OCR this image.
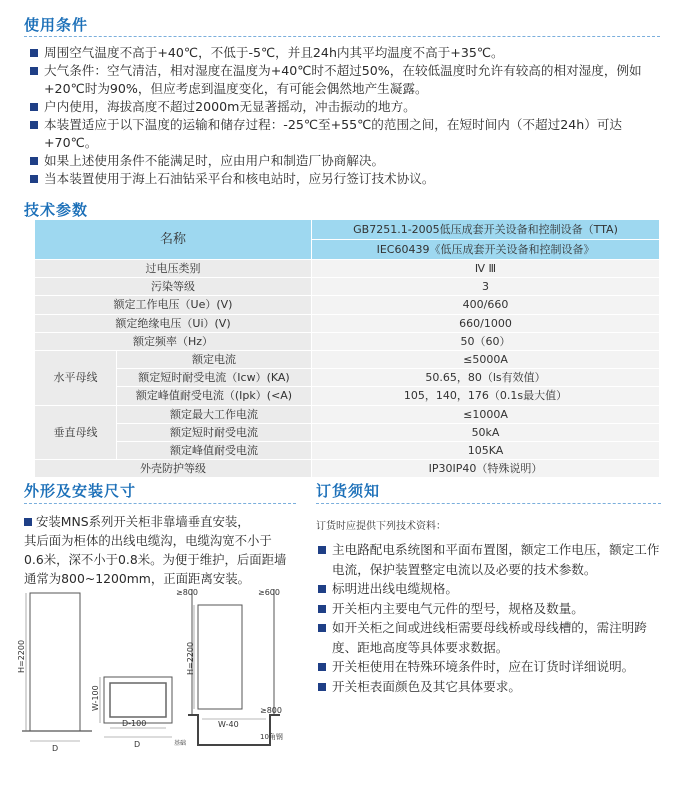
使用条件
周围空气温度不高于+40℃，不低于-5℃，并且24h内其平均温度不高于+35℃。
大气条件：空气清洁，相对湿度在温度为+40℃时不超过50%，在较低温度时允许有较高的相对湿度，例如+20℃时为90%，但应考虑到温度变化，有可能会偶然地产生凝露。
户内使用，海拔高度不超过2000m无显著摇动，冲击振动的地方。
本装置适应于以下温度的运输和储存过程：-25℃至+55℃的范围之间，在短时间内（不超过24h）可达+70℃。
如果上述使用条件不能满足时，应由用户和制造厂协商解决。
当本装置使用于海上石油钻采平台和核电站时，应另行签订技术协议。
技术参数
名称		GB7251.1-2005低压成套开关设备和控制设备（TTA)
		IEC60439《低压成套开关设备和控制设备》
过电压类别		Ⅳ Ⅲ
污染等级		3
额定工作电压（Ue）(V)		400/660
额定绝缘电压（Ui）(V)		660/1000
额定频率（Hz）		50（60）
水平母线	额定电流	≤5000A
	额定短时耐受电流（Icw）(KA)	50.65，80（ls有效值）
	额定峰值耐受电流（(Ipk）(<A)	105，140，176（0.1s最大值）
垂直母线	额定最大工作电流	≤1000A
	额定短时耐受电流	50kA
	额定峰值耐受电流	105KA
外壳防护等级		IP30IP40（特殊说明）
外形及安装尺寸
安装MNS系列开关柜非靠墙垂直安装，
其后面为柜体的出线电缆沟，电缆沟宽不小于
0.6米，深不小于0.8米。为便于维护，后面距墙
通常为800~1200mm，正面距离安装。
H=2200
D
W-100
D-100
D
≥800	≥600
H=2200
W-40
≥800
10角钢
基础
订货须知
订货时应提供下列技术资料：
主电路配电系统图和平面布置图，额定工作电压，额定工作电流，保护装置整定电流以及必要的技术参数。
标明进出线电缆规格。
开关柜内主要电气元件的型号，规格及数量。
如开关柜之间或进线柜需要母线桥或母线槽的，需注明跨度、距地高度等具体要求数据。
开关柜使用在特殊环境条件时，应在订货时详细说明。
开关柜表面颜色及其它具体要求。
